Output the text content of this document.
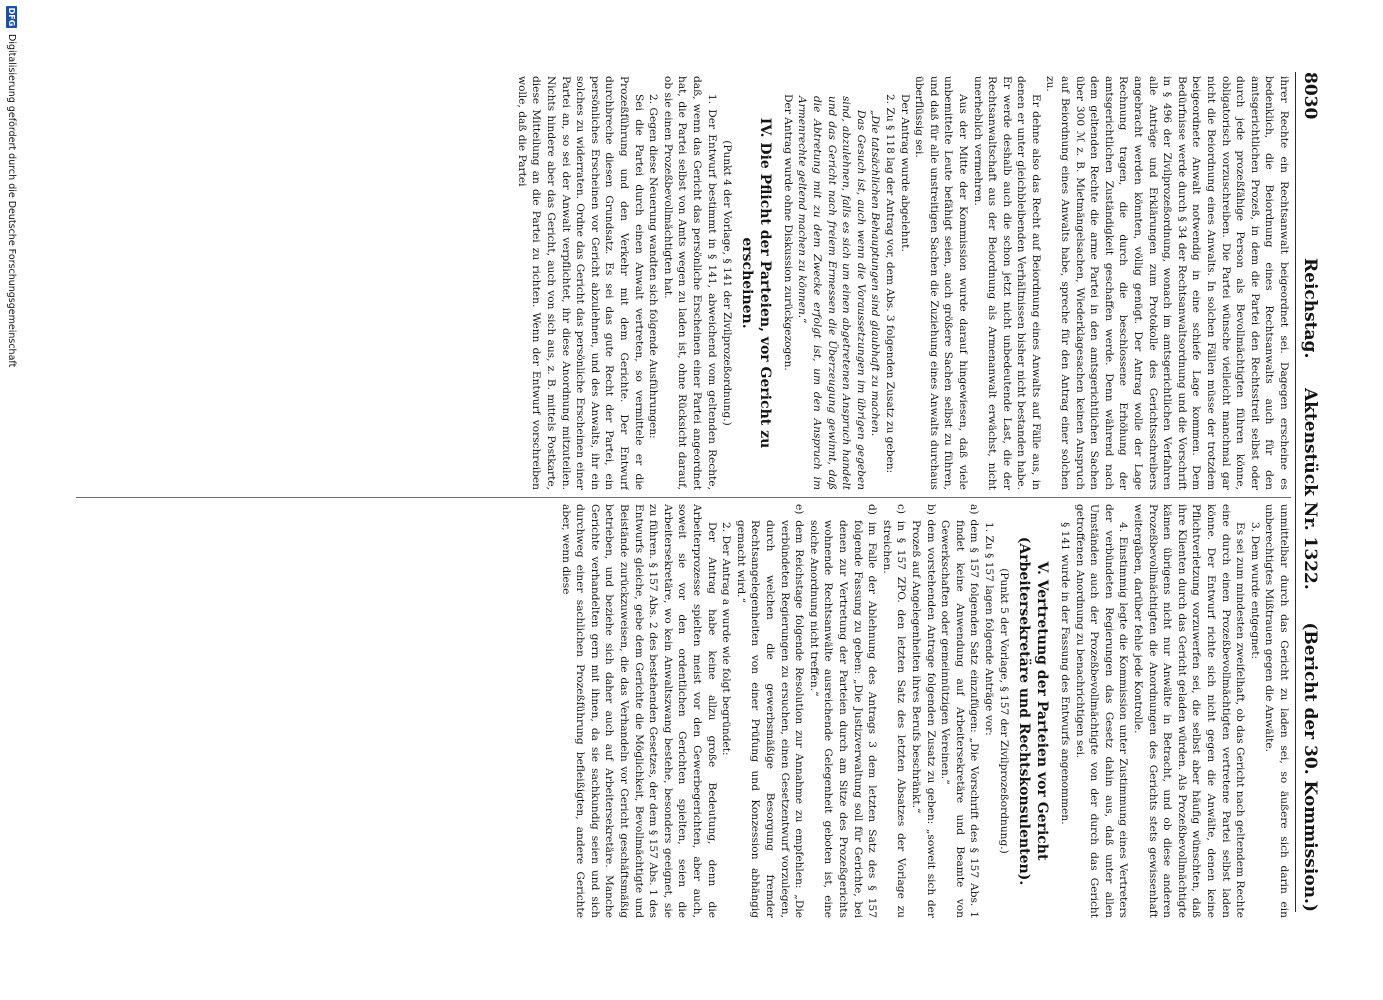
8030
Reichstag.     Aktenstück Nr. 1322.
(Bericht der 30. Kommission.)

ihrer Rechte ein Rechtsanwalt beigeordnet sei. Dagegen erscheine es bedenklich, die Beiordnung eines Rechtsanwalts auch für den amtsgerichtlichen Prozeß, in dem die Partei den Rechtsstreit selbst oder durch jede prozeßfähige Person als Bevollmächtigten führen könne, obligatorisch vorzuschreiben. Die Partei wünsche vielleicht manchmal gar nicht die Beiordnung eines Anwalts. In solchen Fällen müsse der trotzdem beigeordnete Anwalt notwendig in eine schiefe Lage kommen. Dem Bedürfnisse werde durch § 34 der Rechtsanwaltsordnung und die Vorschrift in § 496 der Zivilprozeßordnung, wonach im amtsgerichtlichen Verfahren alle Anträge und Erklärungen zum Protokolle des Gerichtsschreibers angebracht werden könnten, völlig genügt. Der Antrag wolle der Lage Rechnung tragen, die durch die beschlossene Erhöhung der amtsgerichtlichen Zuständigkeit geschaffen werde. Denn während nach dem geltenden Rechte die arme Partei in den amtsgerichtlichen Sachen über 300 ℳ z. B. Mietmängelsachen, Wiederklagesachen keinen Anspruch auf Beiordnung eines Anwalts habe, spreche für den Antrag einer solchen zu.

Er dehne also das Recht auf Beiordnung eines Anwalts auf Fälle aus, in denen er unter gleichbleibenden Verhältnissen bisher nicht bestanden habe. Er werde deshalb auch die schon jetzt nicht unbedeutende Last, die der Rechtsanwaltschaft aus der Beiordnung als Armenanwalt erwächst, nicht unerheblich vermehren.

Aus der Mitte der Kommission wurde darauf hingewiesen, daß viele unbemittelte Leute befähigt seien, auch größere Sachen selbst zu führen, und daß für alle unstreitigen Sachen die Zuziehung eines Anwalts durchaus überflüssig sei.

Der Antrag wurde abgelehnt.

2. Zu § 118 lag der Antrag vor, dem Abs. 3 folgenden Zusatz zu geben:

„Die tatsächlichen Behauptungen sind glaubhaft zu machen.

Das Gesuch ist, auch wenn die Voraussetzungen im übrigen gegeben sind, abzulehnen, falls es sich um einen abgetretenen Anspruch handelt und das Gericht nach freiem Ermessen die Überzeugung gewinnt, daß die Abtretung mit zu dem Zwecke erfolgt ist, um den Anspruch im Armenrechte geltend machen zu können.“

Der Antrag wurde ohne Diskussion zurückgezogen.

IV. Die Pflicht der Parteien, vor Gericht zu erscheinen.

(Punkt 4 der Vorlage, § 141 der Zivilprozeßordnung.)

1. Der Entwurf bestimmt in § 141, abweichend vom geltenden Rechte, daß, wenn das Gericht das persönliche Erscheinen einer Partei angeordnet hat, die Partei selbst von Amts wegen zu laden ist, ohne Rücksicht darauf, ob sie einen Prozeßbevollmächtigten hat.

2. Gegen diese Neuerung wandten sich folgende Ausführungen:

Sei die Partei durch einen Anwalt vertreten, so vermittele er die Prozeßführung und den Verkehr mit dem Gerichte. Der Entwurf durchbreche diesen Grundsatz. Es sei das gute Recht der Partei, ein persönliches Erscheinen vor Gericht abzulehnen, und des Anwalts, ihr ein solches zu widerraten. Ordne das Gericht das persönliche Erscheinen einer Partei an, so sei der Anwalt verpflichtet, ihr diese Anordnung mitzuteilen. Nichts hindere aber das Gericht, auch von sich aus, z. B. mittels Postkarte, diese Mitteilung an die Partei zu richten. Wenn der Entwurf vorschreiben wolle, daß die Partei

unmittelbar durch das Gericht zu laden sei, so äußere sich darin ein unberechtigtes Mißtrauen gegen die Anwälte.

3. Dem wurde entgegnet:

Es sei zum mindesten zweifelhaft, ob das Gericht nach geltendem Rechte eine durch einen Prozeßbevollmächtigten vertretene Partei selbst laden könne. Der Entwurf richte sich nicht gegen die Anwälte, denen keine Pflichtverletzung vorzuwerfen sei, die selbst aber häufig wünschten, daß ihre Klienten durch das Gericht geladen würden. Als Prozeßbevollmächtigte kämen übrigens nicht nur Anwälte in Betracht, und ob diese anderen Prozeßbevollmächtigten die Anordnungen des Gerichts stets gewissenhaft weitergäben, darüber fehle jede Kontrolle.

4. Einstimmig legte die Kommission unter Zustimmung eines Vertreters der verbündeten Regierungen das Gesetz dahin aus, daß unter allen Umständen auch der Prozeßbevollmächtigte von der durch das Gericht getroffenen Anordnung zu benachrichtigen sei.

§ 141 wurde in der Fassung des Entwurfs angenommen.

V. Vertretung der Parteien vor Gericht (Arbeitersekretäre und Rechtskonsulenten).

(Punkt 5 der Vorlage, § 157 der Zivilprozeßordnung.)

1. Zu § 157 lagen folgende Anträge vor:

a) dem § 157 folgenden Satz einzufügen: „Die Vorschrift des § 157 Abs. 1 findet keine Anwendung auf Arbeitersekretäre und Beamte von Gewerkschaften oder gemeinnützigen Vereinen.“

b) dem vorstehenden Antrage folgenden Zusatz zu geben: „soweit sich der Prozeß auf Angelegenheiten ihres Berufs beschränkt.“

c) in § 157 ZPO. den letzten Satz des letzten Absatzes der Vorlage zu streichen.

d) im Falle der Ablehnung des Antrags 3 dem letzten Satz des § 157 folgende Fassung zu geben: „Die Justizverwaltung soll für Gerichte, bei denen zur Vertretung der Parteien durch am Sitze des Prozeßgerichts wohnende Rechtsanwälte ausreichende Gelegenheit geboten ist, eine solche Anordnung nicht treffen.“

e) dem Reichstage folgende Resolution zur Annahme zu empfehlen: „Die verbündeten Regierungen zu ersuchen, einen Gesetzentwurf vorzulegen, durch welchen die gewerbsmäßige Besorgung fremder Rechtsangelegenheiten von einer Prüfung und Konzession abhängig gemacht wird.“

2. Der Antrag a wurde wie folgt begründet:

Der Antrag habe keine allzu große Bedeutung, denn die Arbeiterprozesse spielten meist vor den Gewerbegerichten, aber auch, soweit sie vor den ordentlichen Gerichten spielten, seien die Arbeitersekretäre, wo kein Anwaltszwang bestehe, besonders geeignet, sie zu führen. § 157 Abs. 2 des bestehenden Gesetzes, der dem § 157 Abs. 1 des Entwurfs gleiche, gebe dem Gerichte die Möglichkeit, Bevollmächtigte und Beistände zurückzuweisen, die das Verhandeln vor Gericht geschäftsmäßig betrieben, und beziehe sich daher auch auf Arbeitersekretäre. Manche Gerichte verhandelten gern mit ihnen, da sie sachkundig seien und sich durchweg einer sachlichen Prozeßführung befleißigten, andere Gerichte aber, wenn diese

DFG
Digitalisierung gefördert durch die Deutsche Forschungsgemeinschaft
